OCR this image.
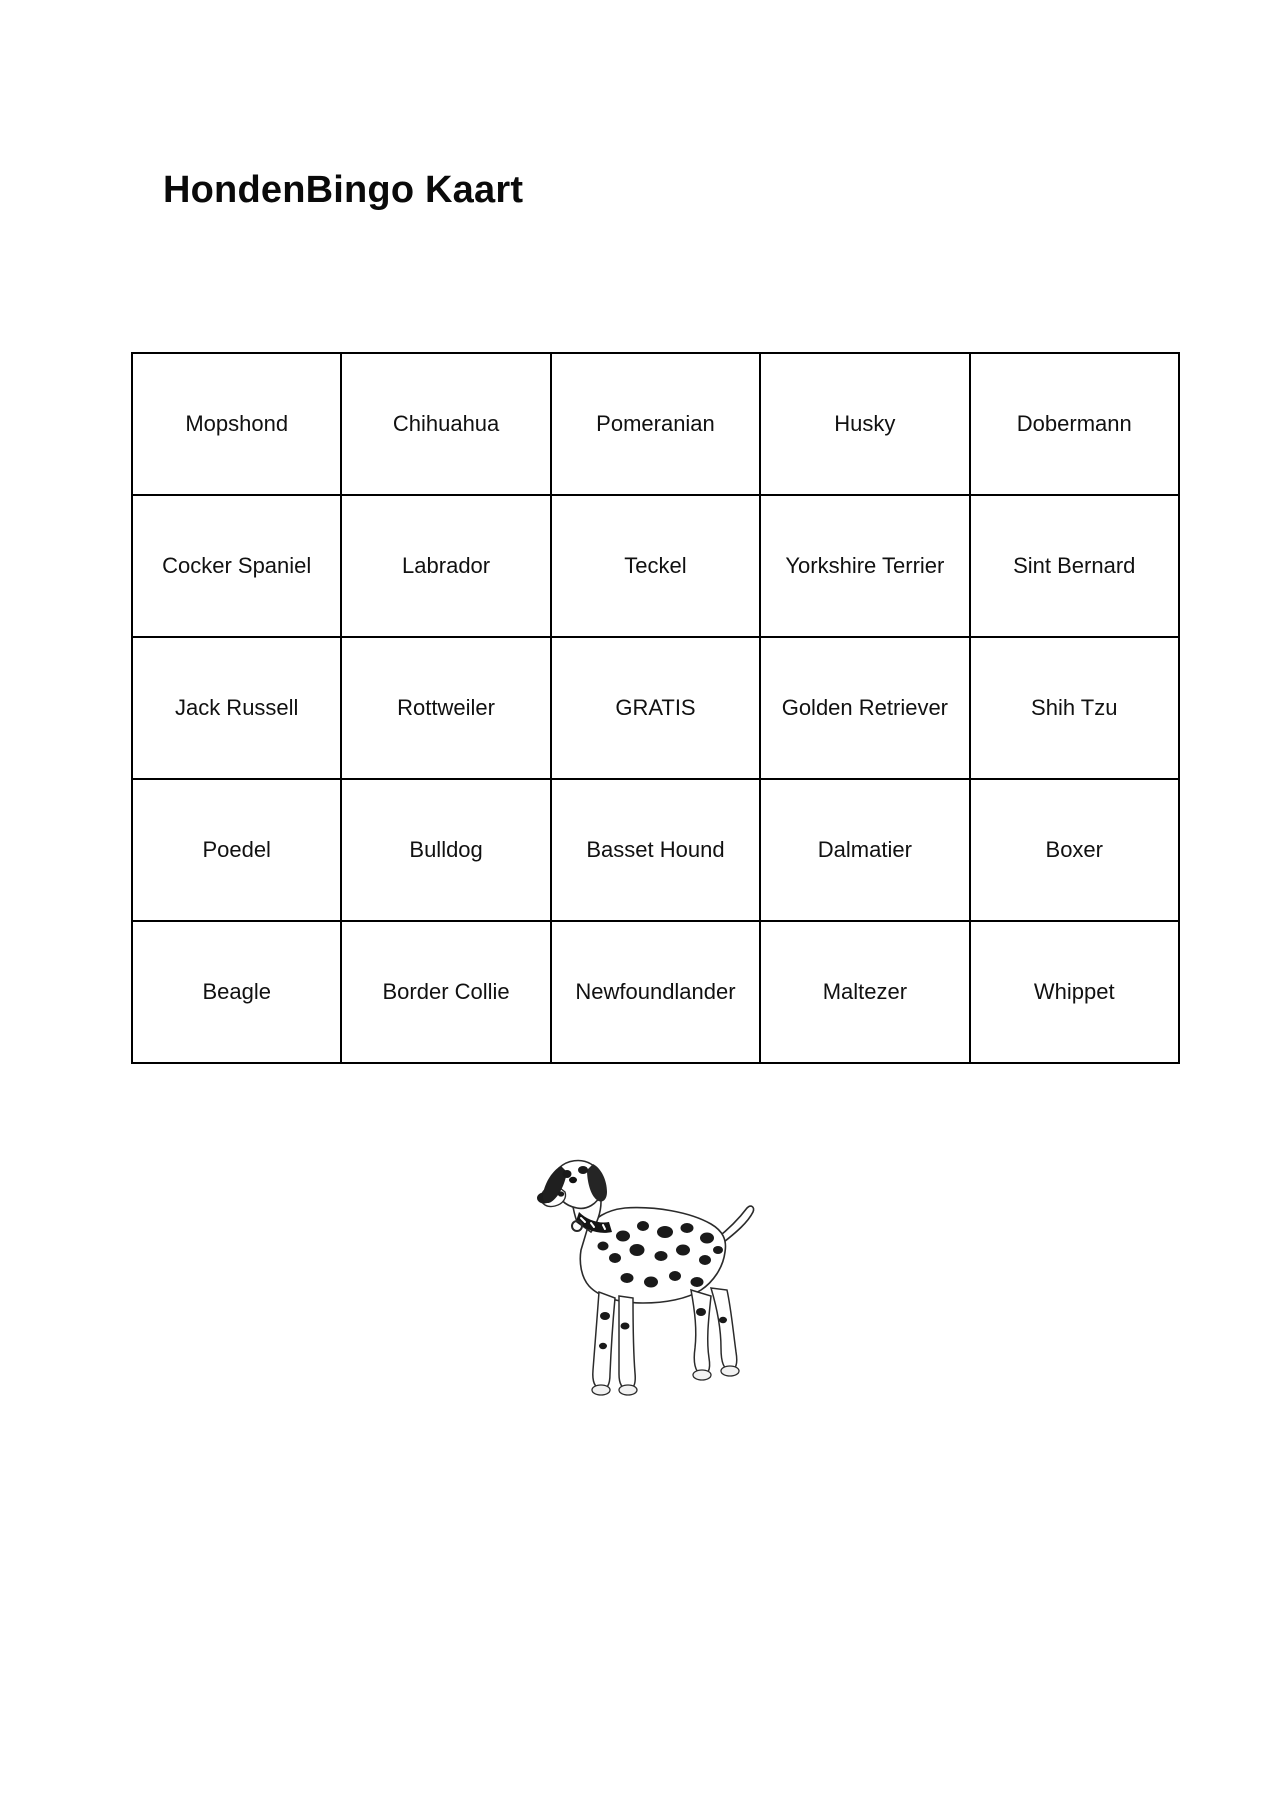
HondenBingo Kaart
Mopshond	Chihuahua	Pomeranian	Husky	Dobermann
Cocker Spaniel	Labrador	Teckel	Yorkshire Terrier	Sint Bernard
Jack Russell	Rottweiler	GRATIS	Golden Retriever	Shih Tzu
Poedel	Bulldog	Basset Hound	Dalmatier	Boxer
Beagle	Border Collie	Newfoundlander	Maltezer	Whippet
